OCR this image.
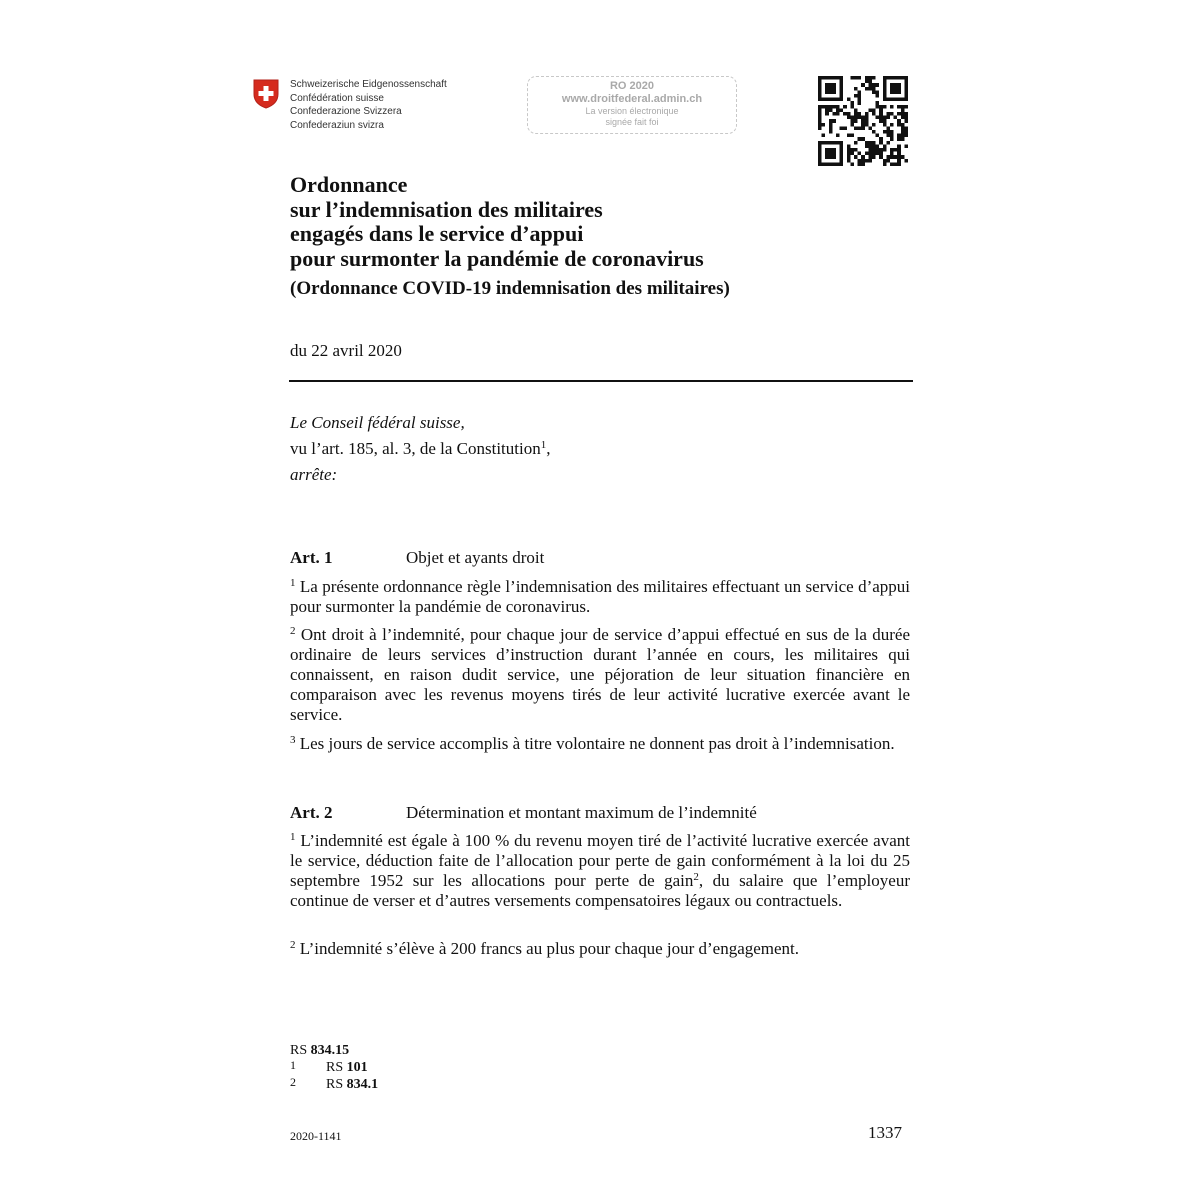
Schweizerische Eidgenossenschaft
Confédération suisse
Confederazione Svizzera
Confederaziun svizra
RO 2020
www.droitfederal.admin.ch
La version électronique
signée fait foi
Ordonnance
sur l’indemnisation des militaires
engagés dans le service d’appui
pour surmonter la pandémie de coronavirus
(Ordonnance COVID-19 indemnisation des militaires)
du 22 avril 2020
Le Conseil fédéral suisse,
vu l’art. 185, al. 3, de la Constitution$^1$,
arrête:
Art. 1	Objet et ayants droit
$^1$ La présente ordonnance règle l’indemnisation des militaires effectuant un service d’appui pour surmonter la pandémie de coronavirus.
$^2$ Ont droit à l’indemnité, pour chaque jour de service d’appui effectué en sus de la durée ordinaire de leurs services d’instruction durant l’année en cours, les militaires qui connaissent, en raison dudit service, une péjoration de leur situation financière en comparaison avec les revenus moyens tirés de leur activité lucrative exercée avant le service.
$^3$ Les jours de service accomplis à titre volontaire ne donnent pas droit à l’indemnisation.
Art. 2	Détermination et montant maximum de l’indemnité
$^1$ L’indemnité est égale à 100 % du revenu moyen tiré de l’activité lucrative exercée avant le service, déduction faite de l’allocation pour perte de gain conformément à la loi du 25 septembre 1952 sur les allocations pour perte de gain$^2$, du salaire que l’employeur continue de verser et d’autres versements compensatoires légaux ou contractuels.
$^2$ L’indemnité s’élève à 200 francs au plus pour chaque jour d’engagement.
RS 834.15
1 RS 101
2 RS 834.1
2020-1141	1337
